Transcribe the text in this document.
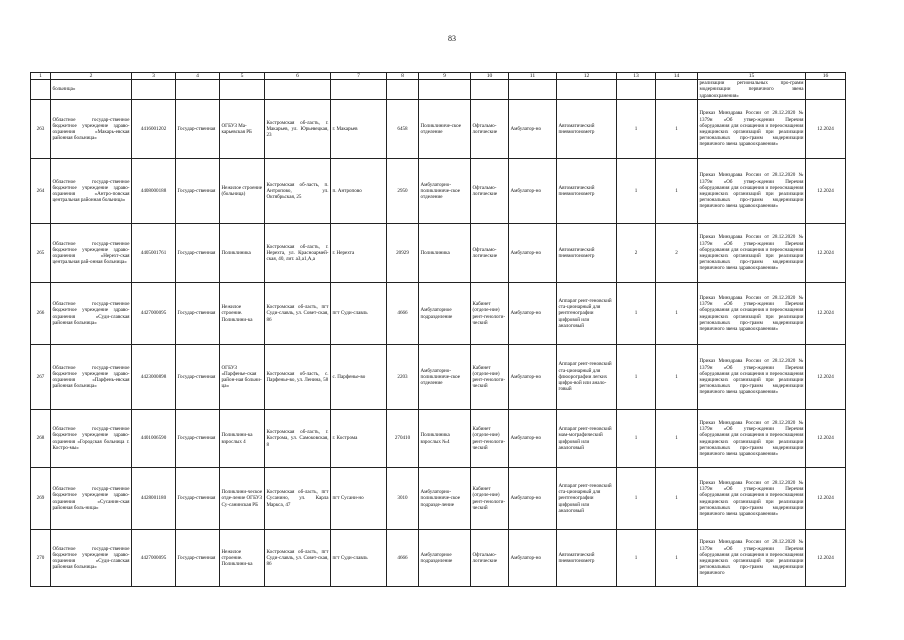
83
1	2	3	4	5	6	7	8	9	10	11	12	13	14	15	16
	больница»													реализации региональных про-грамм модернизации первичного звена здравоохранения»	
263	Областное государ-ственное бюджетное учреждение здраво-охранения «Макарь-евская районная больница»	4416001202	Государ-ственная	ОГБУЗ Ма-карьевская РБ	Костромская об-ласть, г. Макарьев, ул. Юрьевецкая, 23	г. Макарьев	6458	Поликлиниче-ское отделение	Офтальмо-логические	Амбулатор-но	Автоматический пневмотонометр	1	1	Приказ Минздрава России от 28.12.2020 № 1379н «Об утвер-ждении Перечня оборудования для оснащения и переоснащения медицинских организаций при реализации региональных про-грамм модернизации первичного звена здравоохранения»	12.2024
264	Областное государ-ственное бюджетное учреждение здраво-охранения «Антро-повская центральная районная больница»	4408000188	Государ-ственная	Нежилое строение (больница)	Костромская об-ласть, п. Антропово, ул. Октябрьская, 25	п. Антропово	2950	Амбулаторно-поликлиниче-ское отделение	Офтальмо-логические	Амбулатор-но	Автоматический пневмотонометр	1	1	Приказ Минздрава России от 28.12.2020 № 1379н «Об утвер-ждении Перечня оборудования для оснащения и переоснащения медицинских организаций при реализации региональных про-грамм модернизации первичного звена здравоохранения»	12.2024
265	Областное государ-ственное бюджетное учреждение здраво-охранения «Нерехт-ская центральная рай-онная больница»	4405001761	Государ-ственная	Поликлиника	Костромская об-ласть, г. Нерехта, ул. Красноармей-ская, 40, лит. аЗ,а1,А,а	г. Нерехта	20929	Поликлиника	Офтальмо-логические	Амбулатор-но	Автоматический пневмотонометр	2	2	Приказ Минздрава России от 28.12.2020 № 1379н «Об утвер-ждении Перечня оборудования для оснащения и переоснащения медицинских организаций при реализации региональных про-грамм модернизации первичного звена здравоохранения»	12.2024
266	Областное государ-ственное бюджетное учреждение здраво-охранения «Суди-славская районная больница»	4427000095	Государ-ственная	Нежилое строение. Поликлини-ка	Костромская об-ласть, пгт Суди-славль, ул. Совет-ская, 86	пгт Суди-славль	4666	Амбулаторное подразделение	Кабинет (отделе-ние) рент-генологи-ческий	Амбулатор-но	Аппарат рент-геновский ста-ционарный для рентгенографии цифровой или аналоговый	1	1	Приказ Минздрава России от 28.12.2020 № 1379н «Об утвер-ждении Перечня оборудования для оснащения и переоснащения медицинских организаций при реализации региональных про-грамм модернизации первичного звена здравоохранения»	12.2024
267	Областное государ-ственное бюджетное учреждение здраво-охранения «Парфень-евская районная больница»	4423000898	Государ-ственная	ОГБУЗ «Парфенье-ская район-ная больни-ца»	Костромская об-ласть, с. Парфенье-во, ул. Ленина, 58	с. Парфенье-во	2203	Амбулаторно-поликлиниче-ское отделение	Кабинет (отделе-ние) рент-генологи-ческий	Амбулатор-но	Аппарат рент-геновский ста-ционарный для флюорографии легких цифро-вой или анало-говый	1	1	Приказ Минздрава России от 28.12.2020 № 1379н «Об утвер-ждении Перечня оборудования для оснащения и переоснащения медицинских организаций при реализации региональных про-грамм модернизации первичного звена здравоохранения»	12.2024
268	Областное государ-ственное бюджетное учреждение здраво-охранения «Городская больница г. Костро-мы»	4401006590	Государ-ственная	Поликлини-ка взрослых 4	Костромская об-ласть, г. Кострома, ул. Самоковская, 8	г. Кострома	270410	Поликлиника взрослых №4	Кабинет (отделе-ние) рент-генологи-ческий	Амбулатор-но	Аппарат рент-геновский мам-мографический цифровой или аналоговый	1	1	Приказ Минздрава России от 28.12.2020 № 1379н «Об утвер-ждении Перечня оборудования для оснащения и переоснащения медицинских организаций при реализации региональных про-грамм модернизации первичного звена здравоохранения»	12.2024
269	Областное государ-ственное бюджетное учреждение здраво-охранения «Сусанин-ская районная боль-ница»	4428001180	Государ-ственная	Поликлини-ческое отде-ление ОГБУЗ Су-санинская РБ	Костромская об-ласть, пгт Сусанино, ул. Карла Маркса, 47	пгт Сусани-но	3010	Амбулаторно-поликлиниче-ское подразде-ление	Кабинет (отделе-ние) рент-генологи-ческий	Амбулатор-но	Аппарат рент-геновский ста-ционарный для рентгенографии цифровой или аналоговый	1	1	Приказ Минздрава России от 28.12.2020 № 1379н «Об утвер-ждении Перечня оборудования для оснащения и переоснащения медицинских организаций при реализации региональных про-грамм модернизации первичного звена здравоохранения»	12.2024
270	Областное государ-ственное бюджетное учреждение здраво-охранения «Суди-славская районная больница»	4427000095	Государ-ственная	Нежилое строение. Поликлини-ка	Костромская об-ласть, пгт Суди-славль, ул. Совет-ская, 86	пгт Суди-славль	4666	Амбулаторное подразделение	Офтальмо-логические	Амбулатор-но	Автоматический пневмотонометр	1	1	Приказ Минздрава России от 28.12.2020 № 1379н «Об утвер-ждении Перечня оборудования для оснащения и переоснащения медицинских организаций при реализации региональных про-грамм модернизации первичного	12.2024
